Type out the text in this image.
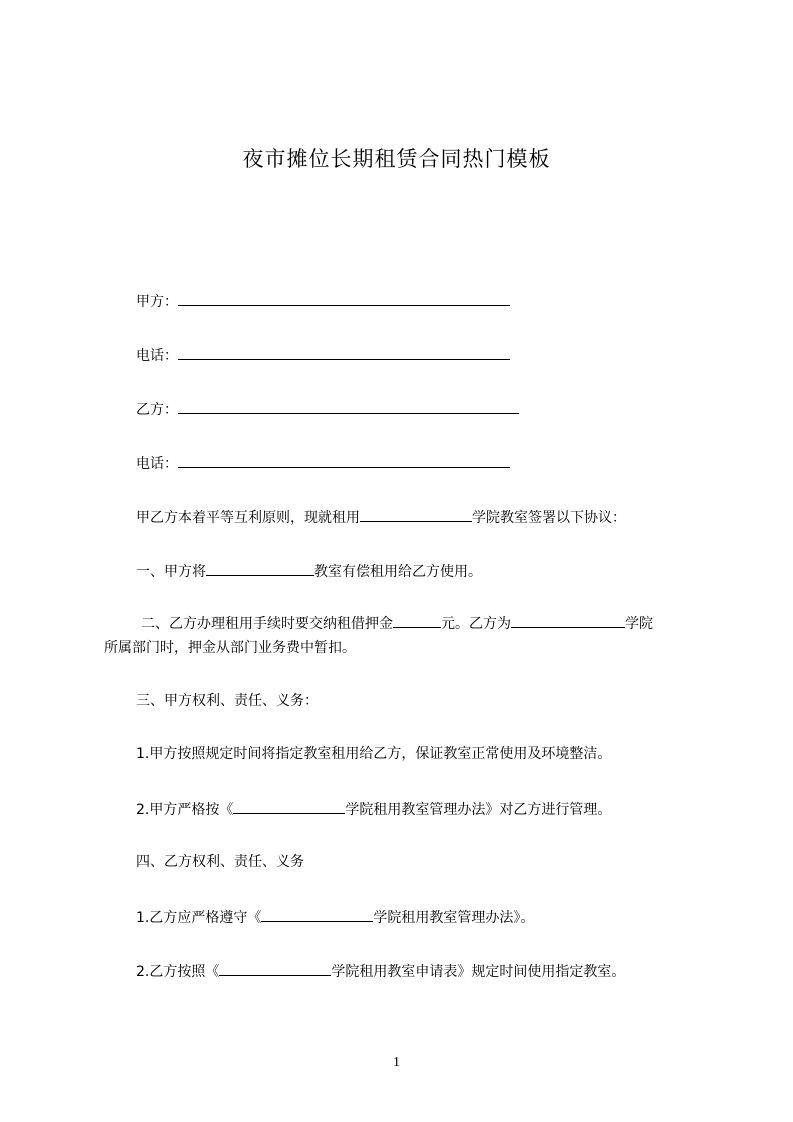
夜市摊位长期租赁合同热门模板
甲方：
电话：
乙方：
电话：
甲乙方本着平等互利原则，现就租用	学院教室签署以下协议：
一、甲方将	教室有偿租用给乙方使用。
二、乙方办理租用手续时要交纳租借押金	元。乙方为	学院
所属部门时，押金从部门业务费中暂扣。
三、甲方权利、责任、义务：
1.甲方按照规定时间将指定教室租用给乙方，保证教室正常使用及环境整洁。
2.甲方严格按《	学院租用教室管理办法》对乙方进行管理。
四、乙方权利、责任、义务
1.乙方应严格遵守《	学院租用教室管理办法》。
2.乙方按照《	学院租用教室申请表》规定时间使用指定教室。
1
